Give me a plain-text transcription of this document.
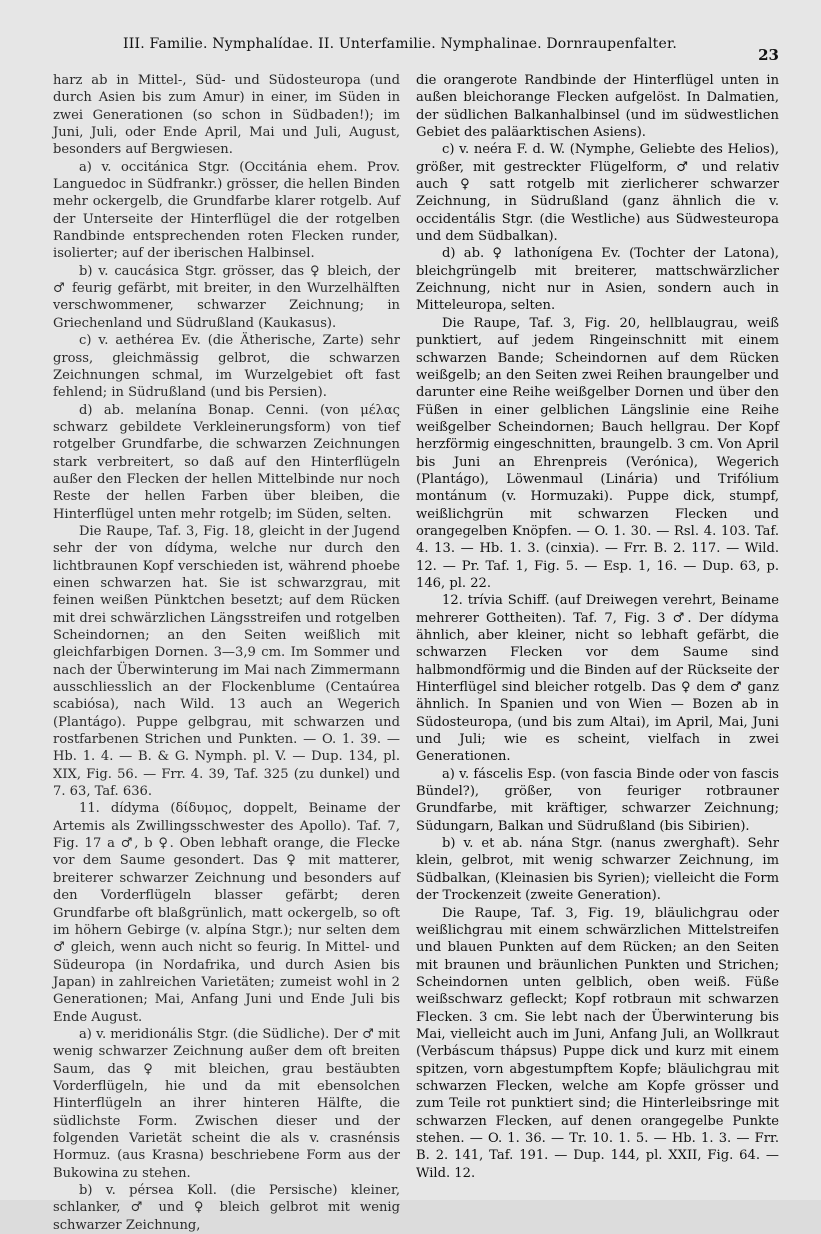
III. Familie. Nymphalídae. II. Unterfamilie. Nymphalinae. Dornraupenfalter.
23

harz ab in Mittel-, Süd- und Südosteuropa (und durch Asien bis zum Amur) in einer, im Süden in zwei Generationen (so schon in Südbaden!); im Juni, Juli, oder Ende April, Mai und Juli, August, besonders auf Bergwiesen.

a) v. occitánica Stgr. (Occitánia ehem. Prov. Languedoc in Südfrankr.) grösser, die hellen Binden mehr ockergelb, die Grundfarbe klarer rotgelb. Auf der Unterseite der Hinterflügel die der rotgelben Randbinde entsprechenden roten Flecken runder, isolierter; auf der iberischen Halbinsel.

b) v. caucásica Stgr. grösser, das ♀ bleich, der ♂ feurig gefärbt, mit breiter, in den Wurzelhälften verschwommener, schwarzer Zeichnung; in Griechenland und Südrußland (Kaukasus).

c) v. aethérea Ev. (die Ätherische, Zarte) sehr gross, gleichmässig gelbrot, die schwarzen Zeichnungen schmal, im Wurzelgebiet oft fast fehlend; in Südrußland (und bis Persien).

d) ab. melanína Bonap. Cenni. (von μέλας schwarz gebildete Verkleinerungsform) von tief rotgelber Grundfarbe, die schwarzen Zeichnungen stark verbreitert, so daß auf den Hinterflügeln außer den Flecken der hellen Mittelbinde nur noch Reste der hellen Farben über bleiben, die Hinterflügel unten mehr rotgelb; im Süden, selten.

Die Raupe, Taf. 3, Fig. 18, gleicht in der Jugend sehr der von dídyma, welche nur durch den lichtbraunen Kopf verschieden ist, während phoebe einen schwarzen hat. Sie ist schwarzgrau, mit feinen weißen Pünktchen besetzt; auf dem Rücken mit drei schwärzlichen Längsstreifen und rotgelben Scheindornen; an den Seiten weißlich mit gleichfarbigen Dornen. 3—3,9 cm. Im Sommer und nach der Überwinterung im Mai nach Zimmermann ausschliesslich an der Flockenblume (Centaúrea scabiósa), nach Wild. 13 auch an Wegerich (Plantágo). Puppe gelbgrau, mit schwarzen und rostfarbenen Strichen und Punkten. — O. 1. 39. — Hb. 1. 4. — B. & G. Nymph. pl. V. — Dup. 134, pl. XIX, Fig. 56. — Frr. 4. 39, Taf. 325 (zu dunkel) und 7. 63, Taf. 636.

11. dídyma (δίδυμος, doppelt, Beiname der Artemis als Zwillingsschwester des Apollo). Taf. 7, Fig. 17 a ♂, b ♀. Oben lebhaft orange, die Flecke vor dem Saume gesondert. Das ♀ mit matterer, breiterer schwarzer Zeichnung und besonders auf den Vorderflügeln blasser gefärbt; deren Grundfarbe oft blaßgrünlich, matt ockergelb, so oft im höhern Gebirge (v. alpína Stgr.); nur selten dem ♂ gleich, wenn auch nicht so feurig. In Mittel- und Südeuropa (in Nordafrika, und durch Asien bis Japan) in zahlreichen Varietäten; zumeist wohl in 2 Generationen; Mai, Anfang Juni und Ende Juli bis Ende August.

a) v. meridionális Stgr. (die Südliche). Der ♂ mit wenig schwarzer Zeichnung außer dem oft breiten Saum, das ♀ mit bleichen, grau bestäubten Vorderflügeln, hie und da mit ebensolchen Hinterflügeln an ihrer hinteren Hälfte, die südlichste Form. Zwischen dieser und der folgenden Varietät scheint die als v. crasnénsis Hormuz. (aus Krasna) beschriebene Form aus der Bukowina zu stehen.

b) v. pérsea Koll. (die Persische) kleiner, schlanker, ♂ und ♀ bleich gelbrot mit wenig schwarzer Zeichnung,

die orangerote Randbinde der Hinterflügel unten in außen bleichorange Flecken aufgelöst. In Dalmatien, der südlichen Balkanhalbinsel (und im südwestlichen Gebiet des paläarktischen Asiens).

c) v. neéra F. d. W. (Nymphe, Geliebte des Helios), größer, mit gestreckter Flügelform, ♂ und relativ auch ♀ satt rotgelb mit zierlicherer schwarzer Zeichnung, in Südrußland (ganz ähnlich die v. occidentális Stgr. (die Westliche) aus Südwesteuropa und dem Südbalkan).

d) ab. ♀ lathonígena Ev. (Tochter der Latona), bleichgrüngelb mit breiterer, mattschwärzlicher Zeichnung, nicht nur in Asien, sondern auch in Mitteleuropa, selten.

Die Raupe, Taf. 3, Fig. 20, hellblaugrau, weiß punktiert, auf jedem Ringeinschnitt mit einem schwarzen Bande; Scheindornen auf dem Rücken weißgelb; an den Seiten zwei Reihen braungelber und darunter eine Reihe weißgelber Dornen und über den Füßen in einer gelblichen Längslinie eine Reihe weißgelber Scheindornen; Bauch hellgrau. Der Kopf herzförmig eingeschnitten, braungelb. 3 cm. Von April bis Juni an Ehrenpreis (Verónica), Wegerich (Plantágo), Löwenmaul (Linária) und Trifólium montánum (v. Hormuzaki). Puppe dick, stumpf, weißlichgrün mit schwarzen Flecken und orangegelben Knöpfen. — O. 1. 30. — Rsl. 4. 103. Taf. 4. 13. — Hb. 1. 3. (cinxia). — Frr. B. 2. 117. — Wild. 12. — Pr. Taf. 1, Fig. 5. — Esp. 1, 16. — Dup. 63, p. 146, pl. 22.

12. trívia Schiff. (auf Dreiwegen verehrt, Beiname mehrerer Gottheiten). Taf. 7, Fig. 3 ♂. Der dídyma ähnlich, aber kleiner, nicht so lebhaft gefärbt, die schwarzen Flecken vor dem Saume sind halbmondförmig und die Binden auf der Rückseite der Hinterflügel sind bleicher rotgelb. Das ♀ dem ♂ ganz ähnlich. In Spanien und von Wien — Bozen ab in Südosteuropa, (und bis zum Altai), im April, Mai, Juni und Juli; wie es scheint, vielfach in zwei Generationen.

a) v. fáscelis Esp. (von fascia Binde oder von fascis Bündel?), größer, von feuriger rotbrauner Grundfarbe, mit kräftiger, schwarzer Zeichnung; Südungarn, Balkan und Südrußland (bis Sibirien).

b) v. et ab. nána Stgr. (nanus zwerghaft). Sehr klein, gelbrot, mit wenig schwarzer Zeichnung, im Südbalkan, (Kleinasien bis Syrien); vielleicht die Form der Trockenzeit (zweite Generation).

Die Raupe, Taf. 3, Fig. 19, bläulichgrau oder weißlichgrau mit einem schwärzlichen Mittelstreifen und blauen Punkten auf dem Rücken; an den Seiten mit braunen und bräunlichen Punkten und Strichen; Scheindornen unten gelblich, oben weiß. Füße weißschwarz gefleckt; Kopf rotbraun mit schwarzen Flecken. 3 cm. Sie lebt nach der Überwinterung bis Mai, vielleicht auch im Juni, Anfang Juli, an Wollkraut (Verbáscum thápsus) Puppe dick und kurz mit einem spitzen, vorn abgestumpftem Kopfe; bläulichgrau mit schwarzen Flecken, welche am Kopfe grösser und zum Teile rot punktiert sind; die Hinterleibsringe mit schwarzen Flecken, auf denen orangegelbe Punkte stehen. — O. 1. 36. — Tr. 10. 1. 5. — Hb. 1. 3. — Frr. B. 2. 141, Taf. 191. — Dup. 144, pl. XXII, Fig. 64. — Wild. 12.
